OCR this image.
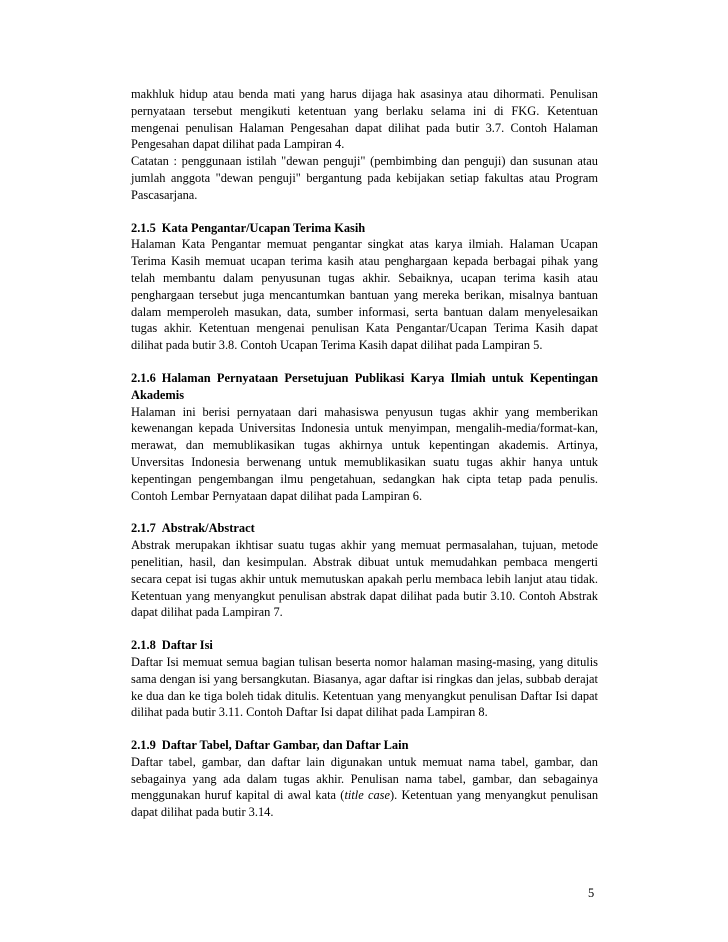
makhluk hidup atau benda mati yang harus dijaga hak asasinya atau dihormati. Penulisan pernyataan tersebut mengikuti ketentuan yang berlaku selama ini di FKG. Ketentuan mengenai penulisan Halaman Pengesahan dapat dilihat pada butir 3.7. Contoh Halaman Pengesahan dapat dilihat pada Lampiran 4.

Catatan : penggunaan istilah "dewan penguji" (pembimbing dan penguji) dan susunan atau jumlah anggota "dewan penguji" bergantung pada kebijakan setiap fakultas atau Program Pascasarjana.

2.1.5 Kata Pengantar/Ucapan Terima Kasih

Halaman Kata Pengantar memuat pengantar singkat atas karya ilmiah. Halaman Ucapan Terima Kasih memuat ucapan terima kasih atau penghargaan kepada berbagai pihak yang telah membantu dalam penyusunan tugas akhir. Sebaiknya, ucapan terima kasih atau penghargaan tersebut juga mencantumkan bantuan yang mereka berikan, misalnya bantuan dalam memperoleh masukan, data, sumber informasi, serta bantuan dalam menyelesaikan tugas akhir. Ketentuan mengenai penulisan Kata Pengantar/Ucapan Terima Kasih dapat dilihat pada butir 3.8. Contoh Ucapan Terima Kasih dapat dilihat pada Lampiran 5.

2.1.6 Halaman Pernyataan Persetujuan Publikasi Karya Ilmiah untuk Kepentingan Akademis

Halaman ini berisi pernyataan dari mahasiswa penyusun tugas akhir yang memberikan kewenangan kepada Universitas Indonesia untuk menyimpan, mengalih-media/format-kan, merawat, dan memublikasikan tugas akhirnya untuk kepentingan akademis. Artinya, Unversitas Indonesia berwenang untuk memublikasikan suatu tugas akhir hanya untuk kepentingan pengembangan ilmu pengetahuan, sedangkan hak cipta tetap pada penulis. Contoh Lembar Pernyataan dapat dilihat pada Lampiran 6.

2.1.7 Abstrak/Abstract

Abstrak merupakan ikhtisar suatu tugas akhir yang memuat permasalahan, tujuan, metode penelitian, hasil, dan kesimpulan. Abstrak dibuat untuk memudahkan pembaca mengerti secara cepat isi tugas akhir untuk memutuskan apakah perlu membaca lebih lanjut atau tidak. Ketentuan yang menyangkut penulisan abstrak dapat dilihat pada butir 3.10. Contoh Abstrak dapat dilihat pada Lampiran 7.

2.1.8 Daftar Isi

Daftar Isi memuat semua bagian tulisan beserta nomor halaman masing-masing, yang ditulis sama dengan isi yang bersangkutan. Biasanya, agar daftar isi ringkas dan jelas, subbab derajat ke dua dan ke tiga boleh tidak ditulis. Ketentuan yang menyangkut penulisan Daftar Isi dapat dilihat pada butir 3.11. Contoh Daftar Isi dapat dilihat pada Lampiran 8.

2.1.9 Daftar Tabel, Daftar Gambar, dan Daftar Lain

Daftar tabel, gambar, dan daftar lain digunakan untuk memuat nama tabel, gambar, dan sebagainya yang ada dalam tugas akhir. Penulisan nama tabel, gambar, dan sebagainya menggunakan huruf kapital di awal kata (title case). Ketentuan yang menyangkut penulisan dapat dilihat pada butir 3.14.

5
